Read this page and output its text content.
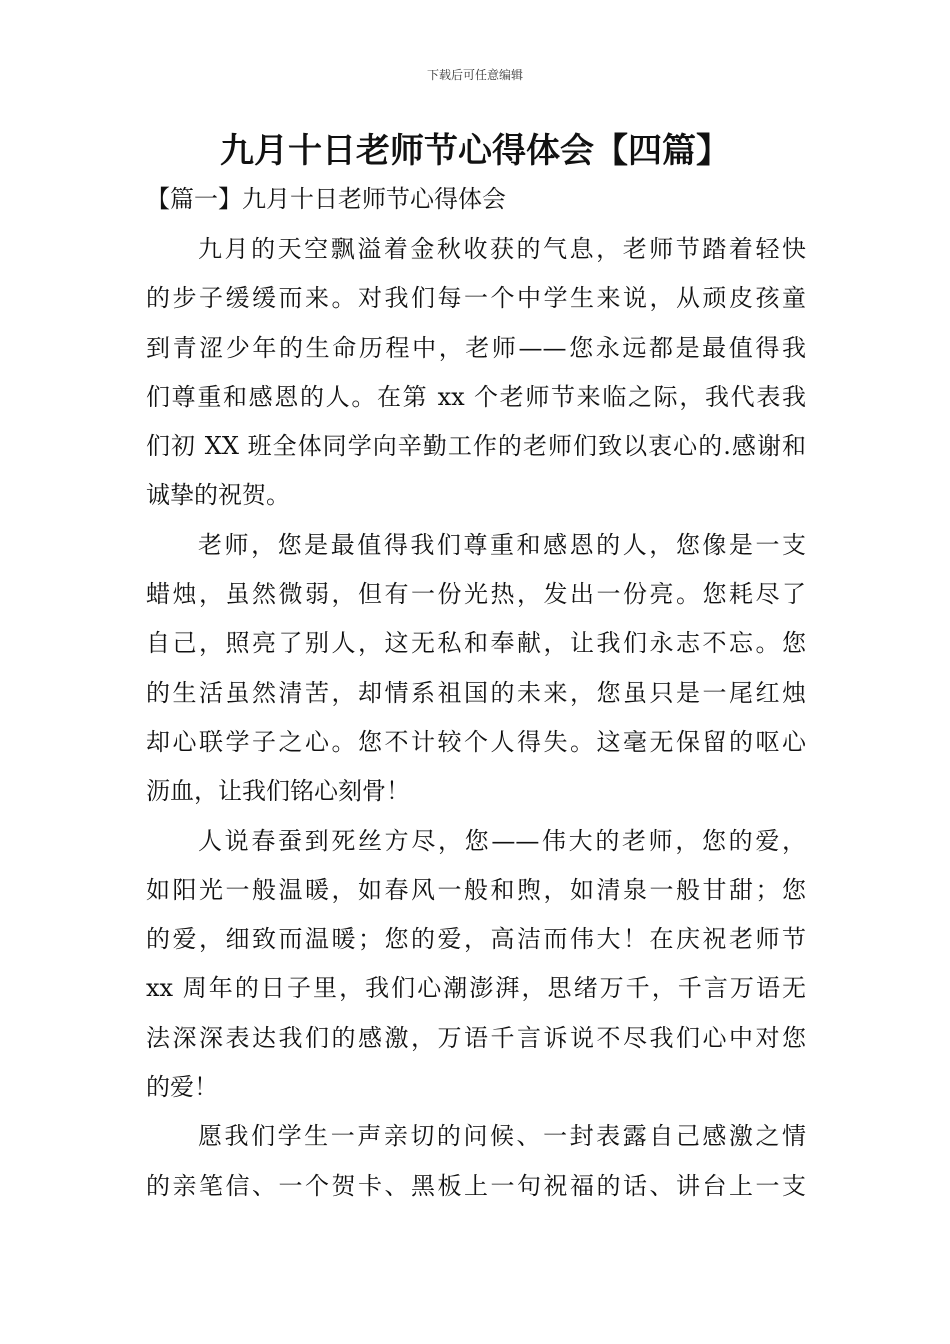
下载后可任意编辑
九月十日老师节心得体会【四篇】
【篇一】九月十日老师节心得体会
九月的天空飘溢着金秋收获的气息，老师节踏着轻快
的步子缓缓而来。对我们每一个中学生来说，从顽皮孩童
到青涩少年的生命历程中，老师——您永远都是最值得我
们尊重和感恩的人。在第 xx 个老师节来临之际，我代表我
们初 XX 班全体同学向辛勤工作的老师们致以衷心的.感谢和
诚挚的祝贺。
老师，您是最值得我们尊重和感恩的人，您像是一支
蜡烛，虽然微弱，但有一份光热，发出一份亮。您耗尽了
自己，照亮了别人，这无私和奉献，让我们永志不忘。您
的生活虽然清苦，却情系祖国的未来，您虽只是一尾红烛
却心联学子之心。您不计较个人得失。这毫无保留的呕心
沥血，让我们铭心刻骨！
人说春蚕到死丝方尽，您——伟大的老师，您的爱，
如阳光一般温暖，如春风一般和煦，如清泉一般甘甜；您
的爱，细致而温暖；您的爱，高洁而伟大！在庆祝老师节
xx 周年的日子里，我们心潮澎湃，思绪万千，千言万语无
法深深表达我们的感激，万语千言诉说不尽我们心中对您
的爱！
愿我们学生一声亲切的问候、一封表露自己感激之情
的亲笔信、一个贺卡、黑板上一句祝福的话、讲台上一支
